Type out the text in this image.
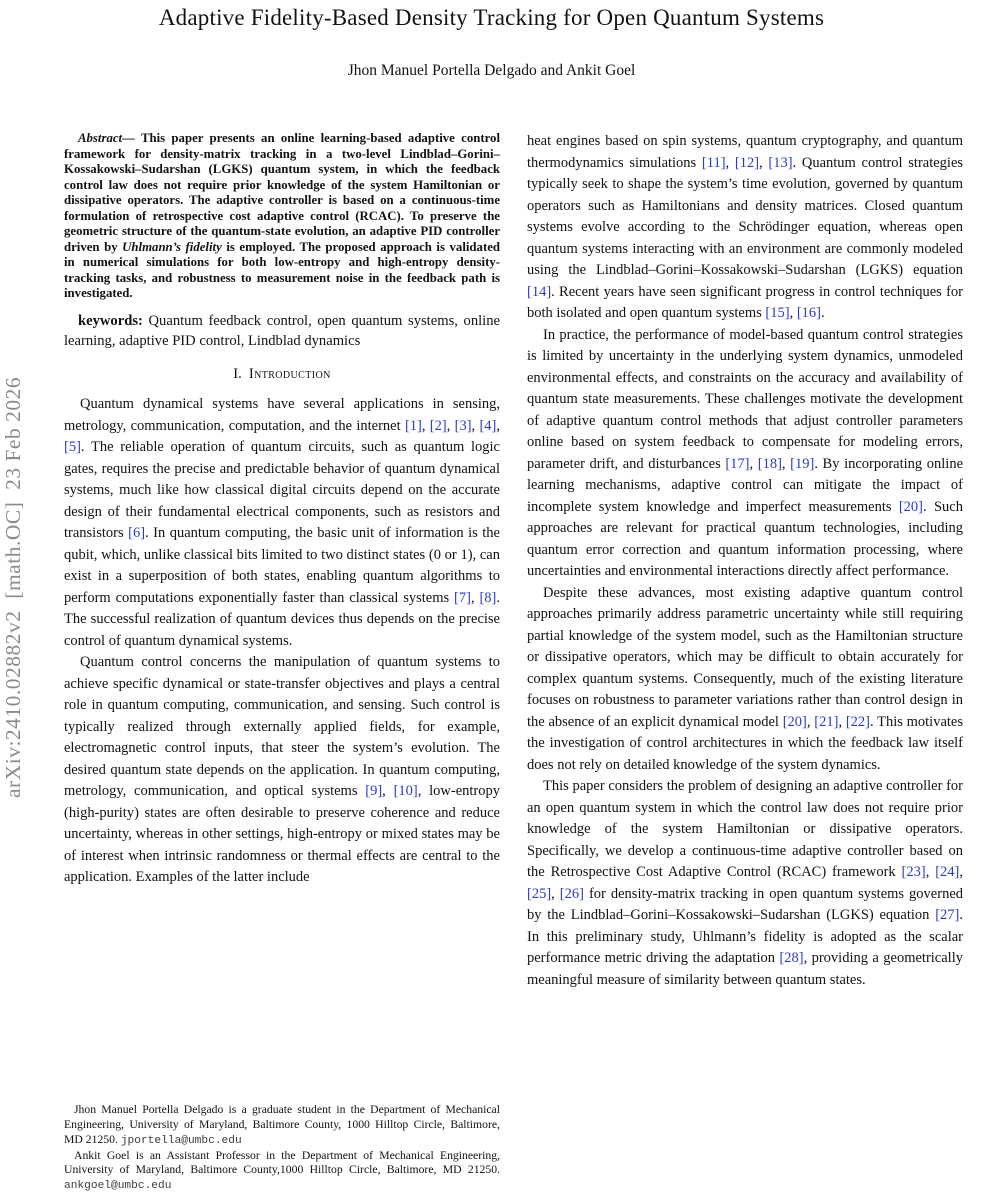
arXiv:2410.02882v2  [math.OC]  23 Feb 2026
Adaptive Fidelity-Based Density Tracking for Open Quantum Systems
Jhon Manuel Portella Delgado and Ankit Goel

Abstract— This paper presents an online learning-based adaptive control framework for density-matrix tracking in a two-level Lindblad–Gorini–Kossakowski–Sudarshan (LGKS) quantum system, in which the feedback control law does not require prior knowledge of the system Hamiltonian or dissipative operators. The adaptive controller is based on a continuous-time formulation of retrospective cost adaptive control (RCAC). To preserve the geometric structure of the quantum-state evolution, an adaptive PID controller driven by Uhlmann’s fidelity is employed. The proposed approach is validated in numerical simulations for both low-entropy and high-entropy density-tracking tasks, and robustness to measurement noise in the feedback path is investigated.

keywords: Quantum feedback control, open quantum systems, online learning, adaptive PID control, Lindblad dynamics

I. Introduction

Quantum dynamical systems have several applications in sensing, metrology, communication, computation, and the internet [1], [2], [3], [4], [5]. The reliable operation of quantum circuits, such as quantum logic gates, requires the precise and predictable behavior of quantum dynamical systems, much like how classical digital circuits depend on the accurate design of their fundamental electrical components, such as resistors and transistors [6]. In quantum computing, the basic unit of information is the qubit, which, unlike classical bits limited to two distinct states (0 or 1), can exist in a superposition of both states, enabling quantum algorithms to perform computations exponentially faster than classical systems [7], [8]. The successful realization of quantum devices thus depends on the precise control of quantum dynamical systems.

Quantum control concerns the manipulation of quantum systems to achieve specific dynamical or state-transfer objectives and plays a central role in quantum computing, communication, and sensing. Such control is typically realized through externally applied fields, for example, electromagnetic control inputs, that steer the system’s evolution. The desired quantum state depends on the application. In quantum computing, metrology, communication, and optical systems [9], [10], low-entropy (high-purity) states are often desirable to preserve coherence and reduce uncertainty, whereas in other settings, high-entropy or mixed states may be of interest when intrinsic randomness or thermal effects are central to the application. Examples of the latter include

Jhon Manuel Portella Delgado is a graduate student in the Department of Mechanical Engineering, University of Maryland, Baltimore County, 1000 Hilltop Circle, Baltimore, MD 21250. jportella@umbc.edu

Ankit Goel is an Assistant Professor in the Department of Mechanical Engineering, University of Maryland, Baltimore County,1000 Hilltop Circle, Baltimore, MD 21250. ankgoel@umbc.edu

heat engines based on spin systems, quantum cryptography, and quantum thermodynamics simulations [11], [12], [13]. Quantum control strategies typically seek to shape the system’s time evolution, governed by quantum operators such as Hamiltonians and density matrices. Closed quantum systems evolve according to the Schrödinger equation, whereas open quantum systems interacting with an environment are commonly modeled using the Lindblad–Gorini–Kossakowski–Sudarshan (LGKS) equation [14]. Recent years have seen significant progress in control techniques for both isolated and open quantum systems [15], [16].

In practice, the performance of model-based quantum control strategies is limited by uncertainty in the underlying system dynamics, unmodeled environmental effects, and constraints on the accuracy and availability of quantum state measurements. These challenges motivate the development of adaptive quantum control methods that adjust controller parameters online based on system feedback to compensate for modeling errors, parameter drift, and disturbances [17], [18], [19]. By incorporating online learning mechanisms, adaptive control can mitigate the impact of incomplete system knowledge and imperfect measurements [20]. Such approaches are relevant for practical quantum technologies, including quantum error correction and quantum information processing, where uncertainties and environmental interactions directly affect performance.

Despite these advances, most existing adaptive quantum control approaches primarily address parametric uncertainty while still requiring partial knowledge of the system model, such as the Hamiltonian structure or dissipative operators, which may be difficult to obtain accurately for complex quantum systems. Consequently, much of the existing literature focuses on robustness to parameter variations rather than control design in the absence of an explicit dynamical model [20], [21], [22]. This motivates the investigation of control architectures in which the feedback law itself does not rely on detailed knowledge of the system dynamics.

This paper considers the problem of designing an adaptive controller for an open quantum system in which the control law does not require prior knowledge of the system Hamiltonian or dissipative operators. Specifically, we develop a continuous-time adaptive controller based on the Retrospective Cost Adaptive Control (RCAC) framework [23], [24], [25], [26] for density-matrix tracking in open quantum systems governed by the Lindblad–Gorini–Kossakowski–Sudarshan (LGKS) equation [27]. In this preliminary study, Uhlmann’s fidelity is adopted as the scalar performance metric driving the adaptation [28], providing a geometrically meaningful measure of similarity between quantum states.
